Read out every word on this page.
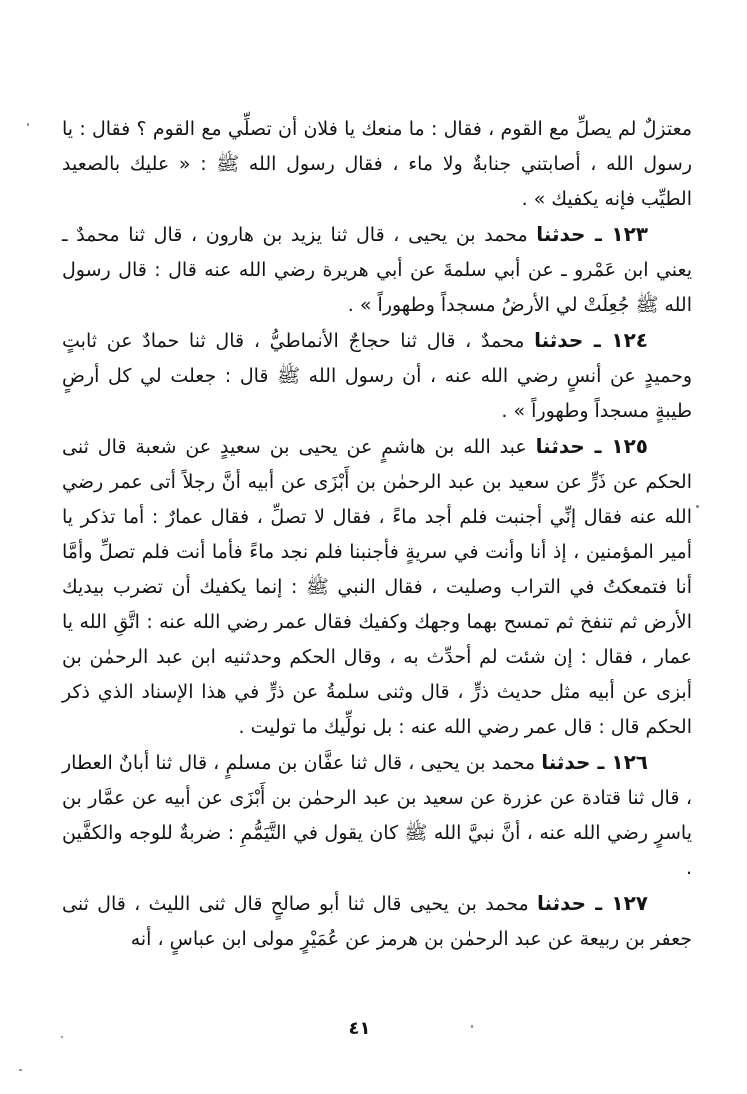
معتزلٌ لم يصلِّ مع القوم ، فقال : ما منعك يا فلان أن تصلِّي مع القوم ؟ فقال : يا رسول الله ، أصابتني جنابةٌ ولا ماء ، فقال رسول الله ﷺ : « عليك بالصعيد الطيِّب فإنه يكفيك » .

١٢٣ ـ حدثنا محمد بن يحيى ، قال ثنا يزيد بن هارون ، قال ثنا محمدٌ ـ يعني ابن عَمْرو ـ عن أبي سلمةَ عن أبي هريرة رضي الله عنه قال : قال رسول الله ﷺ جُعِلَتْ لي الأرضُ مسجداً وطهوراً » .

١٢٤ ـ حدثنا محمدٌ ، قال ثنا حجاجٌ الأنماطيُّ ، قال ثنا حمادٌ عن ثابتٍ وحميدٍ عن أنسٍ رضي الله عنه ، أن رسول الله ﷺ قال : جعلت لي كل أرضٍ طيبةٍ مسجداً وطهوراً » .

١٢٥ ـ حدثنا عبد الله بن هاشمٍ عن يحيى بن سعيدٍ عن شعبة قال ثنى الحكم عن ذَرٍّ عن سعيد بن عبد الرحمٰن بن أَبْزَى عن أبيه أنَّ رجلاً أتى عمر رضي الله عنه فقال إنِّي أجنبت فلم أجد ماءً ، فقال لا تصلِّ ، فقال عمارٌ : أما تذكر يا أمير المؤمنين ، إذ أنا وأنت في سريةٍ فأجنبنا فلم نجد ماءً فأما أنت فلم تصلِّ وأمَّا أنا فتمعكتُ في التراب وصليت ، فقال النبي ﷺ : إنما يكفيك أن تضرب بيديك الأرض ثم تنفخ ثم تمسح بهما وجهك وكفيك فقال عمر رضي الله عنه : اتَّقِ الله يا عمار ، فقال : إن شئت لم أحدِّث به ، وقال الحكم وحدثنيه ابن عبد الرحمٰن بن أبزى عن أبيه مثل حديث ذرٍّ ، قال وثنى سلمةُ عن ذرٍّ في هذا الإسناد الذي ذكر الحكم قال : قال عمر رضي الله عنه : بل نولِّيك ما توليت .

١٢٦ ـ حدثنا محمد بن يحيى ، قال ثنا عفَّان بن مسلمٍ ، قال ثنا أبانٌ العطار ، قال ثنا قتادة عن عزرة عن سعيد بن عبد الرحمٰن بن أَبْزَى عن أبيه عن عمَّار بن ياسرٍ رضي الله عنه ، أنَّ نبيَّ الله ﷺ كان يقول في التَّيَمُّمِ : ضربةٌ للوجه والكفَّين .

١٢٧ ـ حدثنا محمد بن يحيى قال ثنا أبو صالحٍ قال ثنى الليث ، قال ثنى جعفر بن ربيعة عن عبد الرحمٰن بن هرمز عن عُمَيْرٍ مولى ابن عباسٍ ، أنه

٤١
